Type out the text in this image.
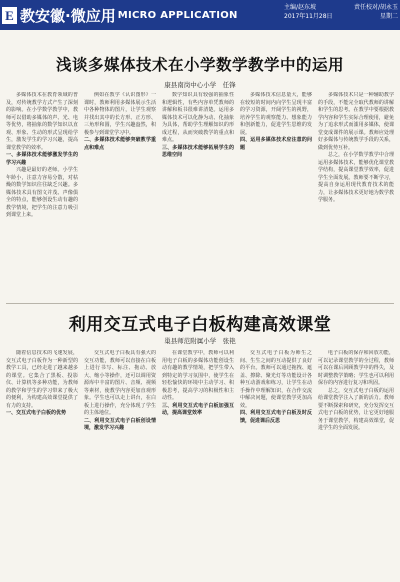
E 教安徽·微应用 MICRO APPLICATION
主编/赵东坡	责任校对/胡永玉
2017年11月28日	星期二
浅谈多媒体技术在小学数学教学中的运用
康县南岗中心小学　任锋

多媒体技术在教育领域的普及，对传统教学方式产生了深刻的影响。在小学数学教学中，教师可以借助多媒体的声、光、电等优势，将抽象的数学知识以直观、形象、生动的形式呈现给学生，激发学生的学习兴趣，提高课堂教学的效率。

一、多媒体技术能够激发学生的学习兴趣

兴趣是最好的老师。小学生年龄小，注意力容易分散，对枯燥的数学知识往往缺乏兴趣。多媒体技术具有图文并茂、声像俱全的特点，能够创设生动有趣的教学情境，把学生的注意力吸引到课堂上来。

例如在教学《认识图形》一课时，教师利用多媒体展示生活中各种物体的图片，让学生观察并找出其中的长方形、正方形、三角形和圆，学生兴趣盎然，积极参与到课堂学习中。

二、多媒体技术能够突破教学重点和难点

数学知识具有较强的抽象性和逻辑性，有些内容单凭教师的讲解和板书很难讲清楚。运用多媒体技术可以化静为动、化抽象为具体，帮助学生理解知识的形成过程，从而突破教学的重点和难点。

三、多媒体技术能够拓展学生的思维空间

多媒体技术信息量大，能够在较短的时间内向学生呈现丰富的学习资源，开阔学生的视野，培养学生的观察能力、想象能力和创新能力，促进学生思维的发展。

四、运用多媒体技术应注意的问题

多媒体技术只是一种辅助教学的手段，不能完全取代教师的讲解和学生的思考。在教学中要根据教学内容和学生实际合理使用，避免为了追求形式而滥用多媒体，使课堂变成课件的展示课。教师应处理好多媒体与传统教学手段的关系，做到优势互补。

总之，在小学数学教学中合理运用多媒体技术，能够优化课堂教学结构，提高课堂教学效率，促进学生全面发展。教师要不断学习，提高自身运用现代教育技术的能力，让多媒体技术更好地为数学教学服务。

利用交互式电子白板构建高效课堂
巢县师范附属小学　张艳

随着信息技术的飞速发展，交互式电子白板作为一种新型的教学工具，已经走进了越来越多的课堂。它集合了黑板、投影仪、计算机等多种功能，为教师的教学和学生的学习带来了极大的便利，为构建高效课堂提供了有力的支持。

一、交互式电子白板的优势

交互式电子白板具有强大的交互功能，教师可以直接在白板上进行书写、标注、拖动、放大、缩小等操作，还可以调用资源库中丰富的图片、音频、视频等素材，使教学内容更加直观形象。学生也可以走上讲台，在白板上进行操作，充分体现了学生的主体地位。

二、利用交互式电子白板创设情境，激发学习兴趣

在课堂教学中，教师可以利用电子白板的多媒体功能创设生动有趣的教学情境，把学生带入到特定的学习氛围中，使学生在轻松愉快的环境中主动学习、积极思考，提高学习的积极性和主动性。

三、利用交互式电子白板加强互动，提高课堂效率

交互式电子白板为师生之间、生生之间的互动提供了良好的平台。教师可以通过拖拽、遮盖、擦除、聚光灯等功能设计各种互动游戏和练习，让学生在动手操作中理解知识，在合作交流中解决问题，使课堂教学更加高效。

四、利用交互式电子白板及时反馈，促进课后反思

电子白板的保存和回放功能，可以记录课堂教学的全过程，教师可以在课后回顾教学中的得失，及时调整教学策略；学生也可以利用保存的内容进行复习和巩固。

总之，交互式电子白板的运用给课堂教学注入了新的活力。教师要不断探索和研究，充分发挥交互式电子白板的优势，让它更好地服务于课堂教学，构建高效课堂，促进学生的全面发展。
